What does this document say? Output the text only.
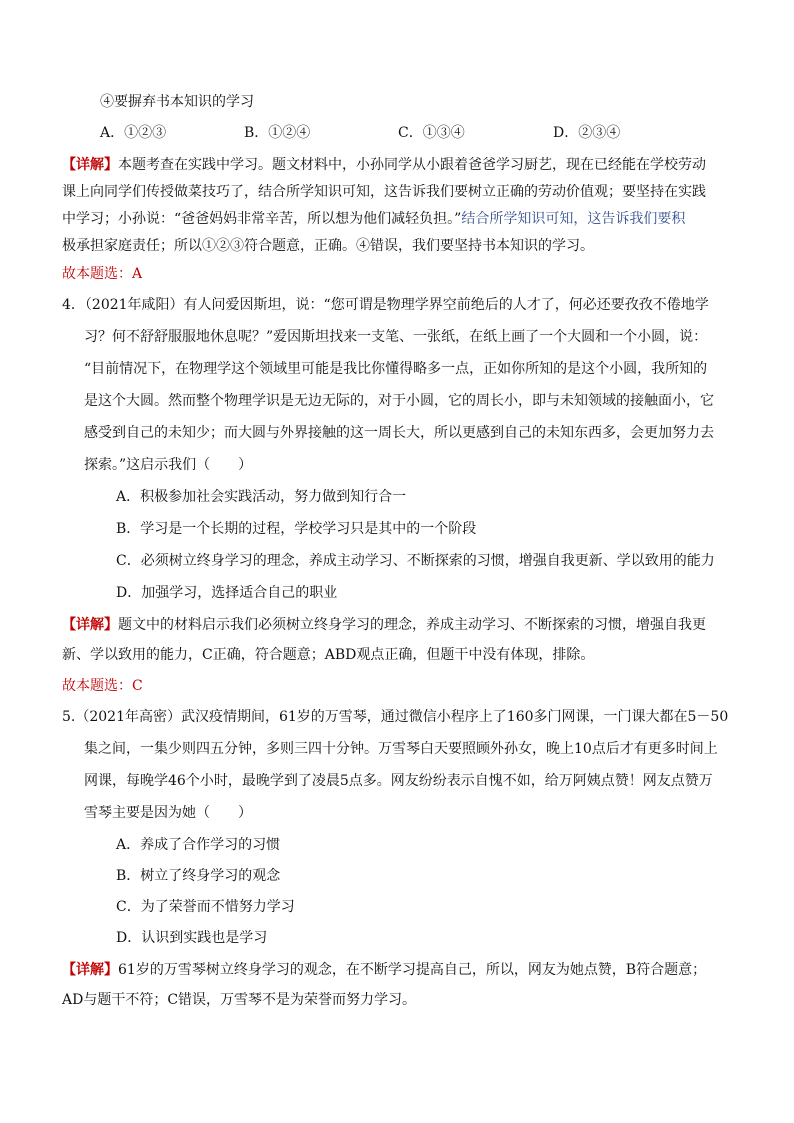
④要摒弃书本知识的学习
A．①②③	B．①②④	C．①③④	D．②③④
【详解】本题考查在实践中学习。题文材料中，小孙同学从小跟着爸爸学习厨艺，现在已经能在学校劳动
课上向同学们传授做菜技巧了，结合所学知识可知，这告诉我们要树立正确的劳动价值观；要坚持在实践
中学习；小孙说：“爸爸妈妈非常辛苦，所以想为他们减轻负担。”结合所学知识可知，这告诉我们要积
极承担家庭责任；所以①②③符合题意，正确。④错误，我们要坚持书本知识的学习。
故本题选：A
4．（2021年咸阳）有人问爱因斯坦，说：“您可谓是物理学界空前绝后的人才了，何必还要孜孜不倦地学
习？何不舒舒服服地休息呢？”爱因斯坦找来一支笔、一张纸，在纸上画了一个大圆和一个小圆，说：
“目前情况下，在物理学这个领域里可能是我比你懂得略多一点，正如你所知的是这个小圆，我所知的
是这个大圆。然而整个物理学识是无边无际的，对于小圆，它的周长小，即与未知领域的接触面小，它
感受到自己的未知少；而大圆与外界接触的这一周长大，所以更感到自己的未知东西多，会更加努力去
探索。”这启示我们（　　）
A．积极参加社会实践活动，努力做到知行合一
B．学习是一个长期的过程，学校学习只是其中的一个阶段
C．必须树立终身学习的理念，养成主动学习、不断探索的习惯，增强自我更新、学以致用的能力
D．加强学习，选择适合自己的职业
【详解】题文中的材料启示我们必须树立终身学习的理念，养成主动学习、不断探索的习惯，增强自我更
新、学以致用的能力，C正确，符合题意；ABD观点正确，但题干中没有体现，排除。
故本题选：C
5.（2021年高密）武汉疫情期间，61岁的万雪琴，通过微信小程序上了160多门网课，一门课大都在5－50
集之间，一集少则四五分钟，多则三四十分钟。万雪琴白天要照顾外孙女，晚上10点后才有更多时间上
网课，每晚学46个小时，最晚学到了凌晨5点多。网友纷纷表示自愧不如，给万阿姨点赞！网友点赞万
雪琴主要是因为她（　　）
A．养成了合作学习的习惯
B．树立了终身学习的观念
C．为了荣誉而不惜努力学习
D．认识到实践也是学习
【详解】61岁的万雪琴树立终身学习的观念，在不断学习提高自己，所以，网友为她点赞，B符合题意；
AD与题干不符；C错误，万雪琴不是为荣誉而努力学习。
